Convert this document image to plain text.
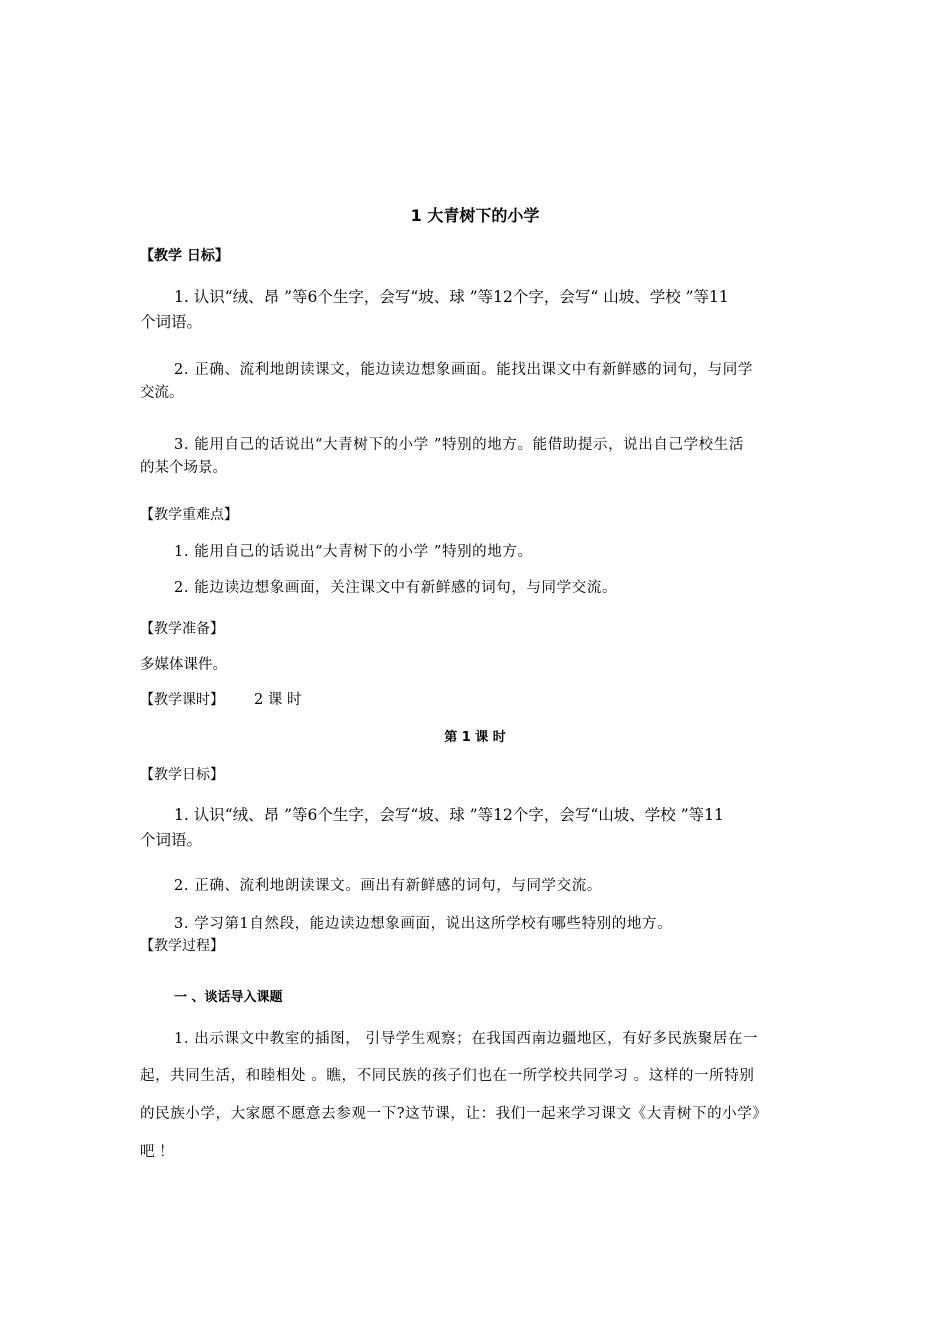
1 大青树下的小学
【教学 日标】
1. 认识“绒、昂 ”等6个生字，会写“坡、球 ”等12个字，会写“ 山坡、学校 ”等11
个词语。
2. 正确、流利地朗读课文，能边读边想象画面。能找出课文中有新鲜感的词句，与同学
交流。
3. 能用自己的话说出“大青树下的小学 ”特别的地方。能借助提示，说出自己学校生活
的某个场景。
【教学重难点】
1. 能用自己的话说出“大青树下的小学 ”特别的地方。
2. 能边读边想象画面，关注课文中有新鲜感的词句，与同学交流。
【教学准备】
多媒体课件。
【教学课时】 2 课 时
第 1 课 时
【教学日标】
1. 认识“绒、昂 ”等6个生字，会写“坡、球 ”等12个字，会写“山坡、学校 ”等11
个词语。
2. 正确、流利地朗读课文。画出有新鲜感的词句，与同学交流。
3. 学习第1自然段，能边读边想象画面，说出这所学校有哪些特别的地方。
【教学过程】
一 、谈话导入课题
1. 出示课文中教室的插图， 引导学生观察；在我国西南边疆地区，有好多民族聚居在一
起，共同生活，和睦相处 。瞧，不同民族的孩子们也在一所学校共同学习 。这样的一所特别
的民族小学，大家愿不愿意去参观一下?这节课，让：我们一起来学习课文《大青树下的小学》
吧 ！
